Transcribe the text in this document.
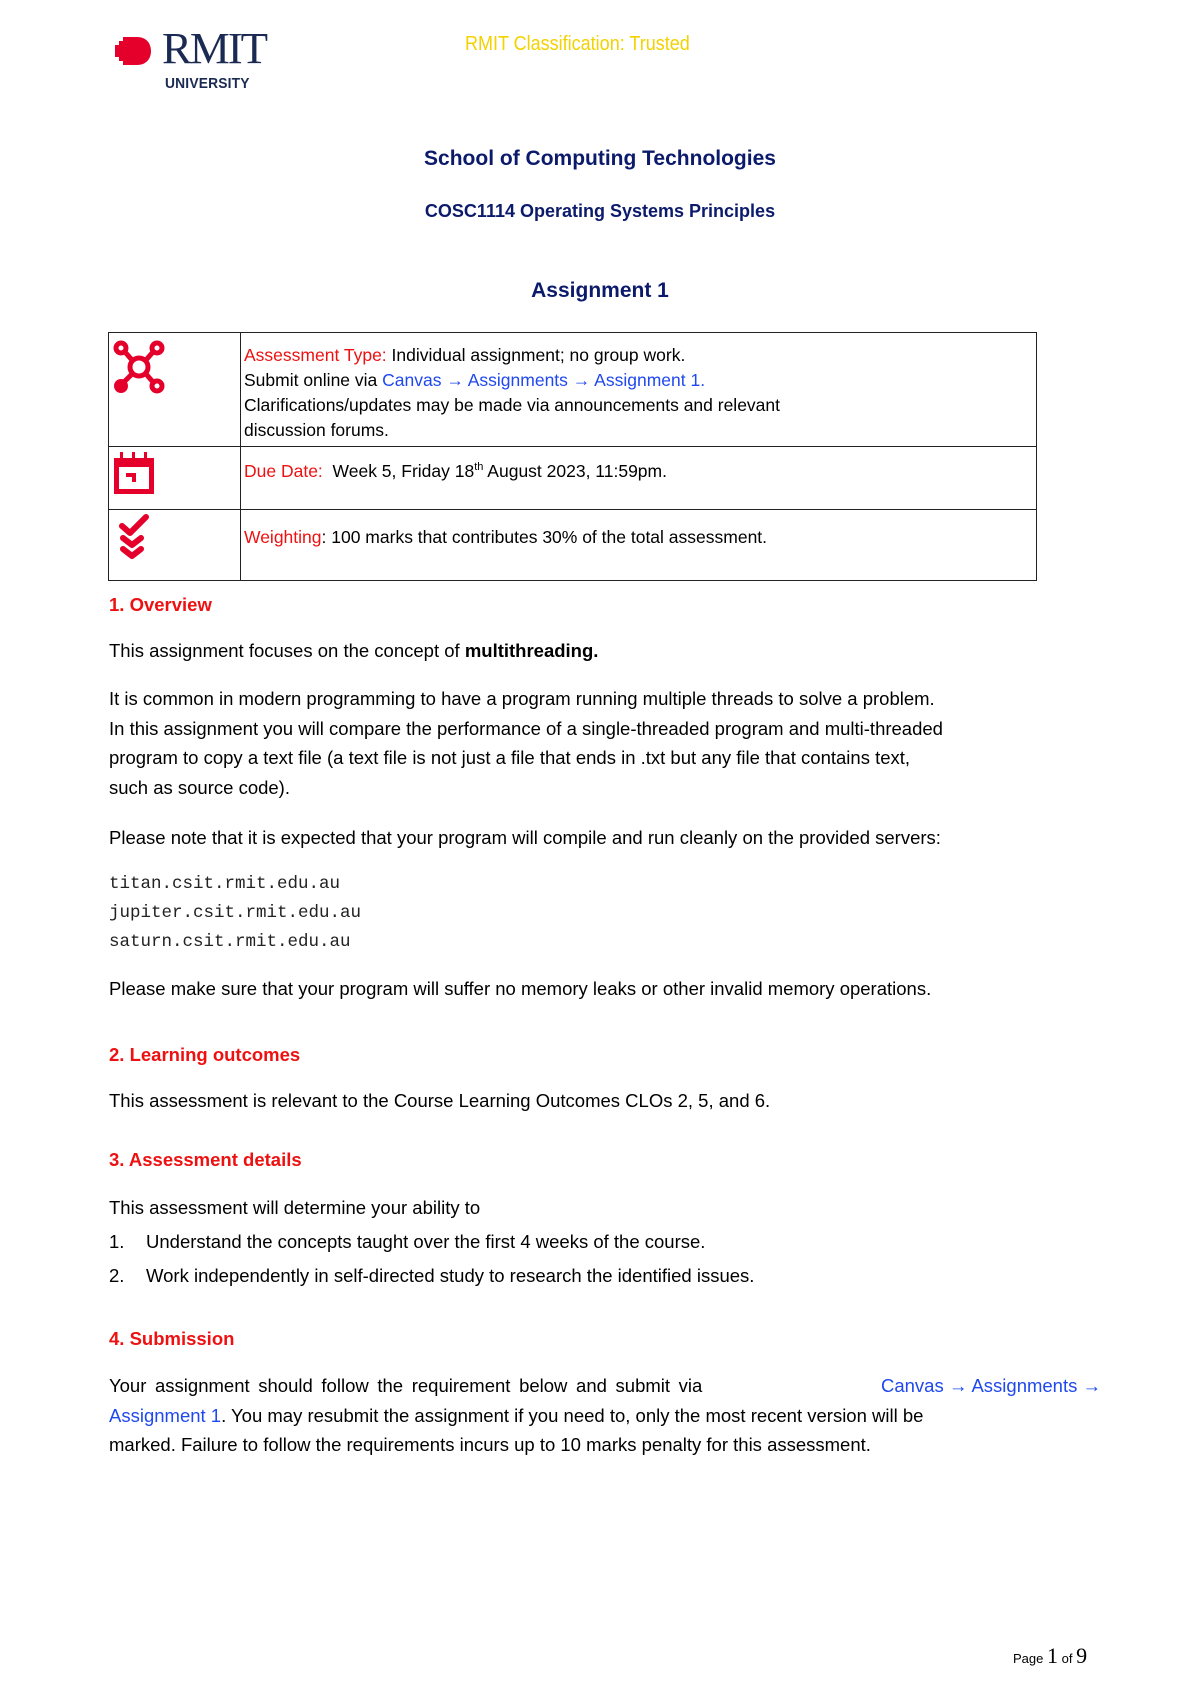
RMIT
UNIVERSITY
RMIT Classification: Trusted
School of Computing Technologies
COSC1114 Operating Systems Principles
Assignment 1

Assessment Type: Individual assignment; no group work.
Submit online via Canvas → Assignments → Assignment 1.
Clarifications/updates may be made via announcements and relevant
discussion forums.

	Due Date:  Week 5, Friday 18th August 2023, 11:59pm.
	Weighting: 100 marks that contributes 30% of the total assessment.
1. Overview
This assignment focuses on the concept of multithreading.
It is common in modern programming to have a program running multiple threads to solve a problem.
In this assignment you will compare the performance of a single-threaded program and multi-threaded
program to copy a text file (a text file is not just a file that ends in .txt but any file that contains text,
such as source code).
Please note that it is expected that your program will compile and run cleanly on the provided servers:
titan.csit.rmit.edu.au
jupiter.csit.rmit.edu.au
saturn.csit.rmit.edu.au
Please make sure that your program will suffer no memory leaks or other invalid memory operations.
2. Learning outcomes
This assessment is relevant to the Course Learning Outcomes CLOs 2, 5, and 6.
3. Assessment details
This assessment will determine your ability to
1. Understand the concepts taught over the first 4 weeks of the course.
2. Work independently in self-directed study to research the identified issues.
4. Submission
Your assignment should follow the requirement below and submit via	Canvas → Assignments →
Assignment 1. You may resubmit the assignment if you need to, only the most recent version will be
marked. Failure to follow the requirements incurs up to 10 marks penalty for this assessment.
Page 1 of 9
